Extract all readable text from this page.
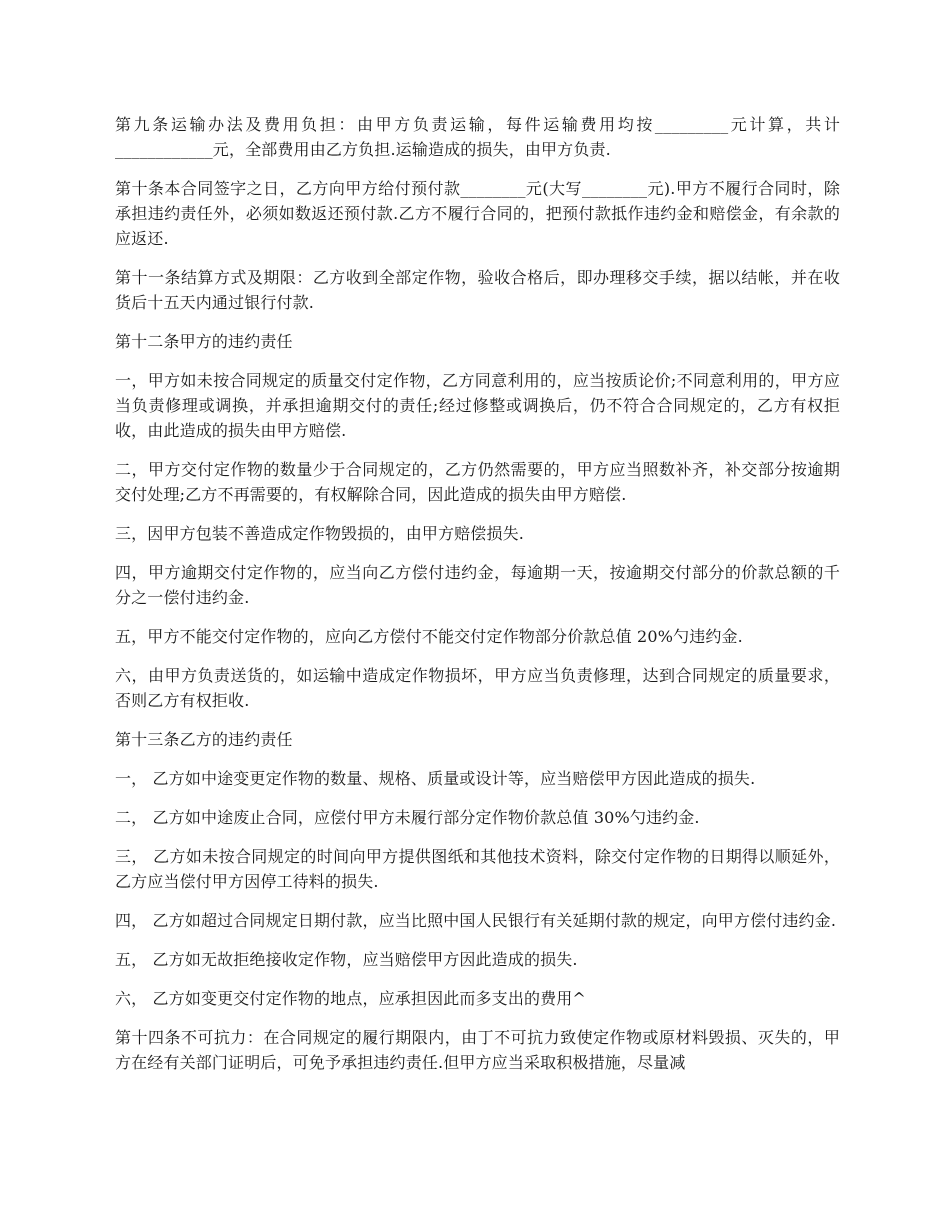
第九条运输办法及费用负担：由甲方负责运输，每件运输费用均按_________元计算，共计____________元，全部费用由乙方负担.运输造成的损失，由甲方负责.

第十条本合同签字之日，乙方向甲方给付预付款________元(大写________元).甲方不履行合同时，除承担违约责任外，必须如数返还预付款.乙方不履行合同的，把预付款抵作违约金和赔偿金，有余款的应返还.

第十一条结算方式及期限：乙方收到全部定作物，验收合格后，即办理移交手续，据以结帐，并在收货后十五天内通过银行付款.

第十二条甲方的违约责任

一，甲方如未按合同规定的质量交付定作物，乙方同意利用的，应当按质论价;不同意利用的，甲方应当负责修理或调换，并承担逾期交付的责任;经过修整或调换后，仍不符合合同规定的，乙方有权拒收，由此造成的损失由甲方赔偿.

二，甲方交付定作物的数量少于合同规定的，乙方仍然需要的，甲方应当照数补齐，补交部分按逾期交付处理;乙方不再需要的，有权解除合同，因此造成的损失由甲方赔偿.

三，因甲方包装不善造成定作物毁损的，由甲方赔偿损失.

四，甲方逾期交付定作物的，应当向乙方偿付违约金，每逾期一天，按逾期交付部分的价款总额的千分之一偿付违约金.

五，甲方不能交付定作物的，应向乙方偿付不能交付定作物部分价款总值 20%勺违约金.

六，由甲方负责送货的，如运输中造成定作物损坏，甲方应当负责修理，达到合同规定的质量要求，否则乙方有权拒收.

第十三条乙方的违约责任

一， 乙方如中途变更定作物的数量、规格、质量或设计等，应当赔偿甲方因此造成的损失.

二， 乙方如中途废止合同，应偿付甲方未履行部分定作物价款总值 30%勺违约金.

三， 乙方如未按合同规定的时间向甲方提供图纸和其他技术资料，除交付定作物的日期得以顺延外，乙方应当偿付甲方因停工待料的损失.

四， 乙方如超过合同规定日期付款，应当比照中国人民银行有关延期付款的规定，向甲方偿付违约金.

五， 乙方如无故拒绝接收定作物，应当赔偿甲方因此造成的损失.

六， 乙方如变更交付定作物的地点，应承担因此而多支出的费用^

第十四条不可抗力：在合同规定的履行期限内，由丁不可抗力致使定作物或原材料毁损、灭失的，甲方在经有关部门证明后，可免予承担违约责任.但甲方应当采取积极措施，尽量减
